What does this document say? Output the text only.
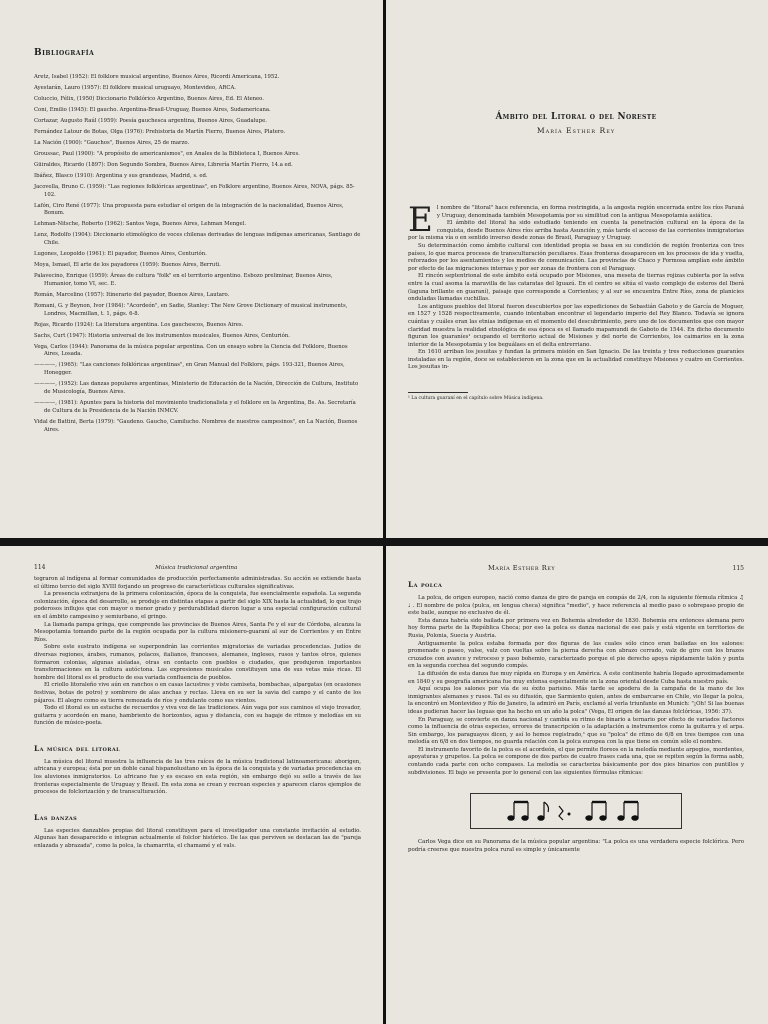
Bibliografía

Aretz, Isabel (1952): El folklore musical argentino, Buenos Aires, Ricordi Americana, 1952.

Ayestarán, Lauro (1957): El folklore musical uruguayo, Montevideo, ARCA.

Coluccio, Félix, (1950) Diccionario Folklórico Argentino, Buenos Aires, Ed. El Ateneo.

Coni, Emilio (1945): El gaucho. Argentina-Brasil-Uruguay, Buenos Aires, Sudamericana.

Cortazar, Augusto Raúl (1959): Poesía gauchesca argentina, Buenos Aires, Guadalupe.

Fernández Latour de Botas, Olga (1976): Prehistoria de Martín Fierro, Buenos Aires, Platero.

La Nación (1900): "Gauchos", Buenos Aires, 25 de marzo.

Groussac, Paul (1900): "A propósito de americanismos", en Anales de la Biblioteca I, Buenos Aires.

Güiraldes, Ricardo (1897): Don Segundo Sombra, Buenos Aires, Librería Martín Fierro, 14.a ed.

Ibáñez, Blasco (1910): Argentina y sus grandezas, Madrid, s. ed.

Jacovella, Bruno C. (1959): "Las regiones folklóricas argentinas", en Folklore argentino, Buenos Aires, NOVA, págs. 85-102.

Lafón, Ciro René (1977): Una propuesta para estudiar el origen de la integración de la nacionalidad, Buenos Aires, Bonum.

Lehman-Nitsche, Roberto (1962): Santos Vega, Buenos Aires, Lehman Mengel.

Lenz, Rodolfo (1904): Diccionario etimológico de voces chilenas derivadas de lenguas indígenas americanas, Santiago de Chile.

Lugones, Leopoldo (1961): El payador, Buenos Aires, Centurión.

Moya, Ismael, El arte de los payadores (1959): Buenos Aires, Berruti.

Palavecino, Enrique (1959): Áreas de cultura "folk" en el territorio argentino. Esbozo preliminar, Buenos Aires, Humanior, tomo VI, sec. E.

Román, Marcelino (1957): Itinerario del payador, Buenos Aires, Lautaro.

Romani, G. y Beynon, Ivor (1984): "Acordeón", en Sadie, Stanley: The New Grove Dictionary of musical instruments, Londres, Macmillan, t. 1, págs. 6-8.

Rojas, Ricardo (1924): La literatura argentina. Los gauchescos, Buenos Aires.

Sachs, Curt (1947): Historia universal de los instrumentos musicales, Buenos Aires, Centurión.

Vega, Carlos (1944): Panorama de la música popular argentina. Con un ensayo sobre la Ciencia del Folklore, Buenos Aires, Losada.

————, (1965): "Las canciones folklóricas argentinas", en Gran Manual del Folklore, págs. 193-321, Buenos Aires, Honegger.

————, (1952): Las danzas populares argentinas, Ministerio de Educación de la Nación, Dirección de Cultura, Instituto de Musicología, Buenos Aires.

————, (1981): Apuntes para la historia del movimiento tradicionalista y el folklore en la Argentina, Bs. As. Secretaría de Cultura de la Presidencia de la Nación INMCV.

Vidal de Battini, Berta (1979): "Gaudeno. Gaucho, Camilucho. Nombres de nuestros campesinos", en La Nación, Buenos Aires.

Ámbito del Litoral o del Noreste
María Esther Rey

El nombre de "litoral" hace referencia, en forma restringida, a la angosta región encerrada entre los ríos Paraná y Uruguay, denominada también Mesopotamia por su similitud con la antigua Mesopotamia asiática.

El ámbito del litoral ha sido estudiado teniendo en cuenta la penetración cultural en la época de la conquista, desde Buenos Aires ríos arriba hasta Asunción y, más tarde el acceso de las corrientes inmigratorias por la misma vía o en sentido inverso desde zonas de Brasil, Paraguay y Uruguay.

Su determinación como ámbito cultural con identidad propia se basa en su condición de región fronteriza con tres países, lo que marca procesos de transculturación peculiares. Esas fronteras desaparecen en los procesos de ida y vuelta, reforzados por los asentamientos y los medios de comunicación. Las provincias de Chaco y Formosa amplían este ámbito por efecto de las migraciones internas y por ser zonas de frontera con el Paraguay.

El rincón septentrional de este ámbito está ocupado por Misiones, una meseta de tierras rojizas cubierta por la selva entre la cual asoma la maravilla de las cataratas del Iguazú. En el centro se sitúa el vasto complejo de esteros del Iberá (laguna brillante en guaraní), paisaje que corresponde a Corrientes; y al sur se encuentra Entre Ríos, zona de planicies onduladas llamadas cuchillas.

Los antiguos pueblos del litoral fueron descubiertos por las expediciones de Sebastián Gaboto y de García de Moguer, en 1527 y 1528 respectivamente, cuando intentaban encontrar el legendario imperio del Rey Blanco. Todavía se ignora cuántas y cuáles eran las etnias indígenas en el momento del descubrimiento, pero uno de los documentos que con mayor claridad muestra la realidad etnológica de esa época es el llamado mapamundi de Gaboto de 1544. En dicho documento figuran los guaraníes¹ ocupando el territorio actual de Misiones y del norte de Corrientes, los caimarios en la zona interior de la Mesopotamia y los beguálaes en el delta entrerriano.

En 1610 arriban los jesuitas y fundan la primera misión en San Ignacio. De las treinta y tres reducciones guaraníes instaladas en la región, doce se establecieron en la zona que en la actualidad constituye Misiones y cuatro en Corrientes. Los jesuitas in-

¹ La cultura guaraní en el capítulo sobre Música indígena.
114	Música tradicional argentina

tegraron al indígena al formar comunidades de producción perfectamente administradas. Su acción se extiende hasta el último tercio del siglo XVIII forjando un progreso de características culturales significativas.

La presencia extranjera de la primera colonización, época de la conquista, fue esencialmente española. La segunda colonización, época del desarrollo, se produjo en distintas etapas a partir del siglo XIX hasta la actualidad, lo que trajo poderosos influjos que con mayor o menor grado y perdurabilidad dieron lugar a una especial configuración cultural en el ámbito campesino y semiurbano, el gringo.

La llamada pampa gringa, que comprende las provincias de Buenos Aires, Santa Fe y el sur de Córdoba, alcanza la Mesopotamia tomando parte de la región ocupada por la cultura misionero-guaraní al sur de Corrientes y en Entre Ríos.

Sobre este sustrato indígena se superpondrán las corrientes migratorias de variadas procedencias. Judíos de diversas regiones, árabes, rumanos, polacos, italianos, franceses, alemanes, ingleses, rusos y tantos otros, quienes formaron colonias, algunas aisladas, otras en contacto con pueblos o ciudades, que produjeron importantes transformaciones en la cultura autóctona. Las expresiones musicales constituyen una de sus vetas más ricas. El hombre del litoral es el producto de esa variada confluencia de pueblos.

El criollo litoraleño vive aún en ranchos o en casas lacustres y viste camiseta, bombachas, alpargatas (en ocasiones festivas, botas de potro) y sombrero de alas anchas y rectas. Lleva en su ser la savia del campo y el canto de los pájaros. El alegre como su tierra remozada de ríos y ondulante como sus vientos.

Todo el litoral es un estuche de recuerdos y viva voz de las tradiciones. Aún vaga por sus caminos el viejo trovador, guitarra y acordeón en mano, hambriento de horizontes, agua y distancia, con su bagaje de ritmos y melodías en su función de músico-poeta.

La música del litoral

La música del litoral muestra la influencia de las tres raíces de la música tradicional latinoamericana: aborigen, africana y europea; ésta por un doble canal hispanolusitano en la época de la conquista y de variadas procedencias en los aluviones inmigratorios. Lo africano fue y es escaso en esta región, sin embargo dejó su sello a través de las fronteras especialmente de Uruguay y Brasil. En esta zona se crean y recrean especies y aparecen claros ejemplos de procesos de folclorización y de transculturación.

Las danzas

Las especies danzables propias del litoral constituyen para el investigador una constante invitación al estudio. Algunas han desaparecido e integran actualmente el folclor histórico. De las que perviven se destacan las de "pareja enlazada y abrazada", como la polca, la chamarrita, el chamamé y el vals.

María Esther Rey	115
La polca

La polca, de origen europeo, nació como danza de giro de pareja en compás de 2/4, con la siguiente fórmula rítmica ♫ ♩ . El nombre de polca (pulca, en lengua checa) significa "medio", y hace referencia al medio paso o sobrepaso propio de este baile, aunque no exclusivo de él.

Esta danza habría sido bailada por primera vez en Bohemia alrededor de 1830. Bohemia era entonces alemana pero hoy forma parte de la República Checa; por eso la polca es danza nacional de ese país y está vigente en territorios de Rusia, Polonia, Suecia y Austria.

Antiguamente la polca estaba formada por dos figuras de las cuales sólo cinco eran bailadas en los salones: promenade o paseo, valse, valz con vueltas sobre la pierna derecha con abrazo cerrado, valz de giro con los brazos cruzados con avance y retroceso y paso bohemio, caracterizado porque el pie derecho apoya rápidamente talón y punta en la segunda corchea del segundo compás.

La difusión de esta danza fue muy rápida en Europa y en América. A este continente habría llegado aproximadamente en 1840 y su geografía americana fue muy extensa especialmente en la zona oriental desde Cuba hasta nuestro país.

Aquí ocupa los salones por vía de su éxito parisino. Más tarde se apodera de la campaña de la mano de los inmigrantes alemanes y rusos. Tal es su difusión, que Sarmiento quien, antes de embarcarse en Chile, vio llegar la polca, la encontró en Montevideo y Río de Janeiro, la admiró en París, exclamó al verla triunfante en Munich: "¡Oh! Si las buenas ideas pudieran hacer las leguas que ha hecho en un año la polca" (Vega, El origen de las danzas folclóricas, 1956: 37).

En Paraguay, se convierte en danza nacional y cambia su ritmo de binario a ternario por efecto de variados factores como la influencia de otras especies, errores de transcripción o la adaptación a instrumentos como la guitarra y el arpa. Sin embargo, los paraguayos dicen, y así lo hemos registrado,¹ que su "polca" de ritmo de 6/8 en tres tiempos con una melodía en 6/8 en dos tiempos, no guarda relación con la polca europea con la que tiene en común sólo el nombre.

El instrumento favorito de la polca es el acordeón, el que permite floreos en la melodía mediante arpegios, mordentes, apoyaturas y grupetos. La polca se compone de dos partes de cuatro frases cada una, que se repiten según la forma aabb, contando cada parte con ocho compases. La melodía se caracteriza básicamente por dos pies binarios con puntillos y subdivisiones. El bajo se presenta por lo general con las siguientes fórmulas rítmicas:

Carlos Vega dice en su Panorama de la música popular argentina: "La polca es una verdadera especie folclórica. Pero podría creerse que nuestra polca rural es simple y únicamente
